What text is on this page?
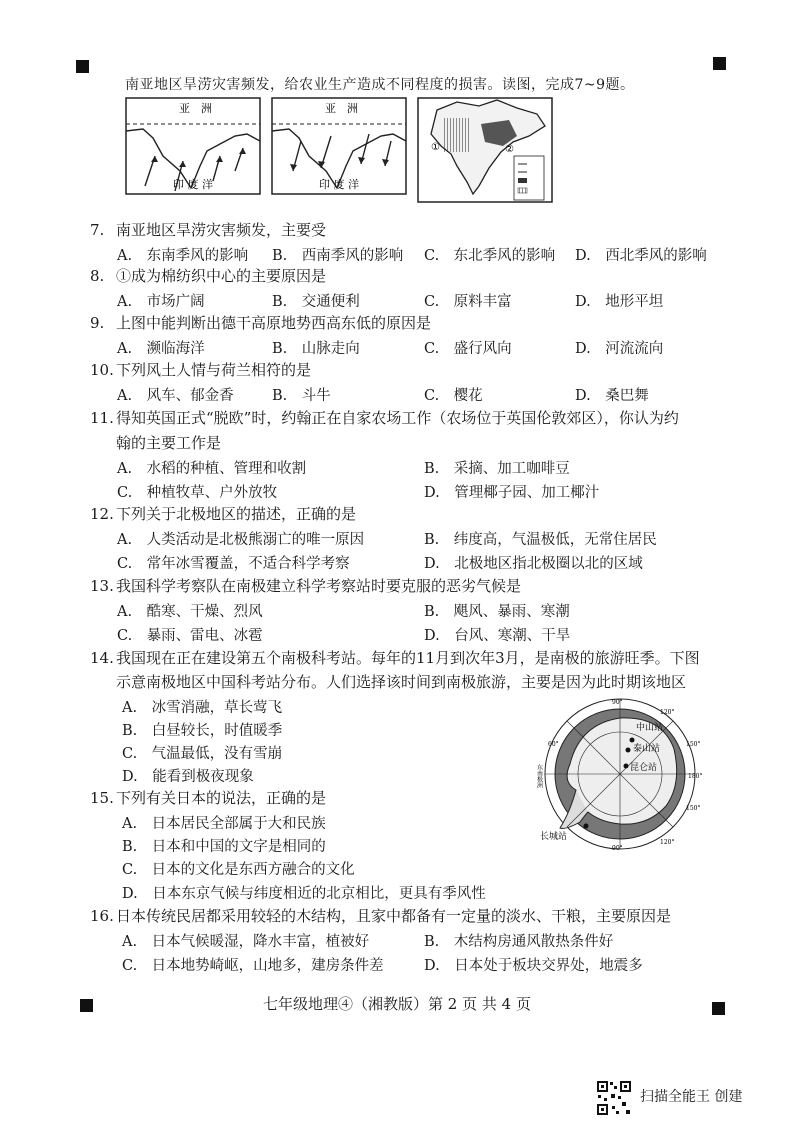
南亚地区旱涝灾害频发，给农业生产造成不同程度的损害。读图，完成7~9题。
亚　洲
印 度 洋
亚　洲
印 度 洋
①	②
7. 南亚地区旱涝灾害频发，主要受
A.　东南季风的影响 B.　西南季风的影响 C.　东北季风的影响 D.　西北季风的影响
8. ①成为棉纺织中心的主要原因是
A.　市场广阔	B.　交通便利	C.　原料丰富	D.　地形平坦
9. 上图中能判断出德干高原地势西高东低的原因是
A.　濒临海洋	B.　山脉走向	C.　盛行风向	D.　河流流向
10. 下列风土人情与荷兰相符的是
A.　风车、郁金香	B.　斗牛	C.　樱花	D.　桑巴舞
11. 得知英国正式“脱欧”时，约翰正在自家农场工作（农场位于英国伦敦郊区），你认为约
翰的主要工作是
A.　水稻的种植、管理和收割	B.　采摘、加工咖啡豆
C.　种植牧草、户外放牧	D.　管理椰子园、加工椰汁
12. 下列关于北极地区的描述，正确的是
A.　人类活动是北极熊溺亡的唯一原因	B.　纬度高，气温极低，无常住居民
C.　常年冰雪覆盖，不适合科学考察	D.　北极地区指北极圈以北的区域
13. 我国科学考察队在南极建立科学考察站时要克服的恶劣气候是
A.　酷寒、干燥、烈风	B.　飓风、暴雨、寒潮
C.　暴雨、雷电、冰雹	D.　台风、寒潮、干旱
14. 我国现在正在建设第五个南极科考站。每年的11月到次年3月，是南极的旅游旺季。下图
示意南极地区中国科考站分布。人们选择该时间到南极旅游，主要是因为此时期该地区
A.　冰雪消融，草长莺飞
B.　白昼较长，时值暖季
C.　气温最低，没有雪崩
D.　能看到极夜现象
中山站
泰山站
昆仑站
长城站
90°
120°
150°
180°
150°
120°
90°
60°
东南极洲
15. 下列有关日本的说法，正确的是
A.　日本居民全部属于大和民族
B.　日本和中国的文字是相同的
C.　日本的文化是东西方融合的文化
D.　日本东京气候与纬度相近的北京相比，更具有季风性
16. 日本传统民居都采用较轻的木结构，且家中都备有一定量的淡水、干粮，主要原因是
A.　日本气候暖湿，降水丰富，植被好	B.　木结构房通风散热条件好
C.　日本地势崎岖，山地多，建房条件差	D.　日本处于板块交界处，地震多
七年级地理④（湘教版）第 2 页 共 4 页
扫描全能王 创建
